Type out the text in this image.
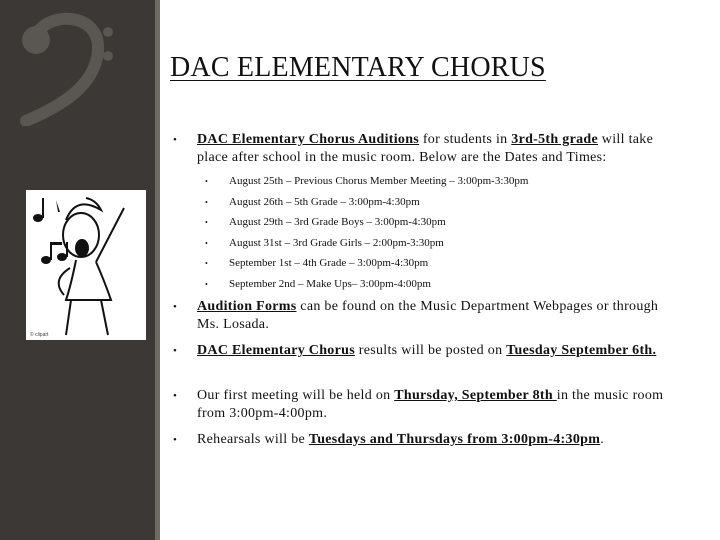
© clipart
DAC ELEMENTARY CHORUS
• DAC Elementary Chorus Auditions for students in 3rd-5th grade will take place after school in the music room. Below are the Dates and Times:
• August 25th – Previous Chorus Member Meeting – 3:00pm-3:30pm
• August 26th – 5th Grade – 3:00pm-4:30pm
• August 29th – 3rd Grade Boys – 3:00pm-4:30pm
• August 31st – 3rd Grade Girls – 2:00pm-3:30pm
• September 1st – 4th Grade – 3:00pm-4:30pm
• September 2nd – Make Ups– 3:00pm-4:00pm
• Audition Forms can be found on the Music Department Webpages or through Ms. Losada.
• DAC Elementary Chorus results will be posted on Tuesday September 6th.
• Our first meeting will be held on Thursday, September 8th in the music room from 3:00pm-4:00pm.
• Rehearsals will be Tuesdays and Thursdays from 3:00pm-4:30pm.
